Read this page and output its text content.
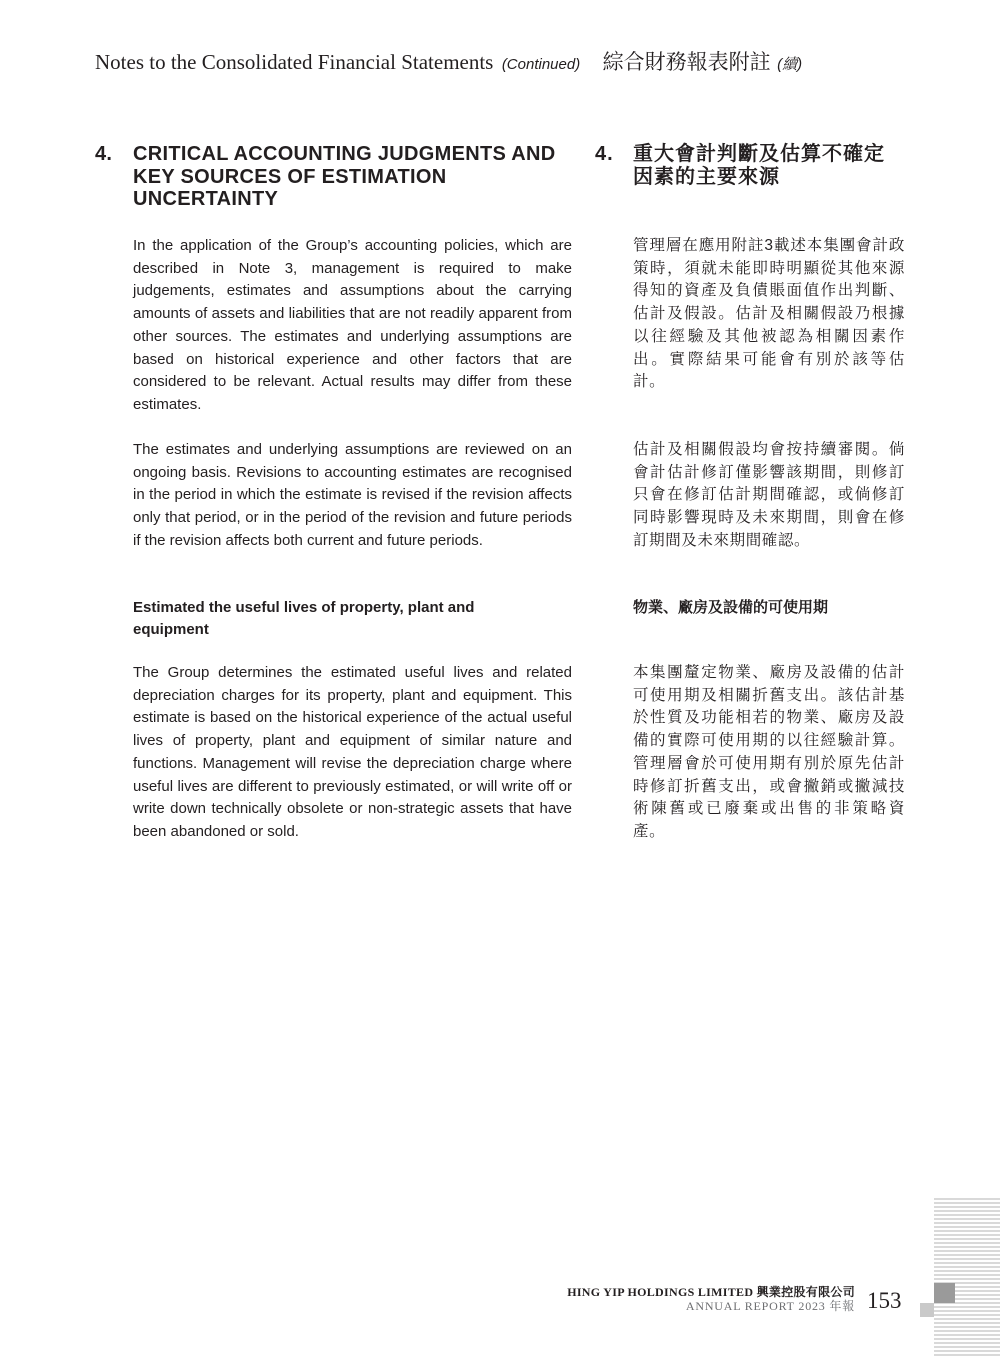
Notes to the Consolidated Financial Statements (Continued) 綜合財務報表附註 (續)
4.	CRITICAL ACCOUNTING JUDGMENTS AND KEY SOURCES OF ESTIMATION UNCERTAINTY
4. 重大會計判斷及估算不確定因素的主要來源

In the application of the Group’s accounting policies, which are described in Note 3, management is required to make judgements, estimates and assumptions about the carrying amounts of assets and liabilities that are not readily apparent from other sources. The estimates and underlying assumptions are based on historical experience and other factors that are considered to be relevant. Actual results may differ from these estimates.

The estimates and underlying assumptions are reviewed on an ongoing basis. Revisions to accounting estimates are recognised in the period in which the estimate is revised if the revision affects only that period, or in the period of the revision and future periods if the revision affects both current and future periods.

Estimated the useful lives of property, plant and equipment

The Group determines the estimated useful lives and related depreciation charges for its property, plant and equipment. This estimate is based on the historical experience of the actual useful lives of property, plant and equipment of similar nature and functions. Management will revise the depreciation charge where useful lives are different to previously estimated, or will write off or write down technically obsolete or non-strategic assets that have been abandoned or sold.

管理層在應用附註3載述本集團會計政策時，須就未能即時明顯從其他來源得知的資產及負債賬面值作出判斷、估計及假設。估計及相關假設乃根據以往經驗及其他被認為相關因素作出。實際結果可能會有別於該等估計。

估計及相關假設均會按持續審閱。倘會計估計修訂僅影響該期間，則修訂只會在修訂估計期間確認，或倘修訂同時影響現時及未來期間，則會在修訂期間及未來期間確認。

物業、廠房及設備的可使用期

本集團釐定物業、廠房及設備的估計可使用期及相關折舊支出。該估計基於性質及功能相若的物業、廠房及設備的實際可使用期的以往經驗計算。管理層會於可使用期有別於原先估計時修訂折舊支出，或會撇銷或撇減技術陳舊或已廢棄或出售的非策略資產。

HING YIP HOLDINGS LIMITED 興業控股有限公司
ANNUAL REPORT 2023 年報 153
